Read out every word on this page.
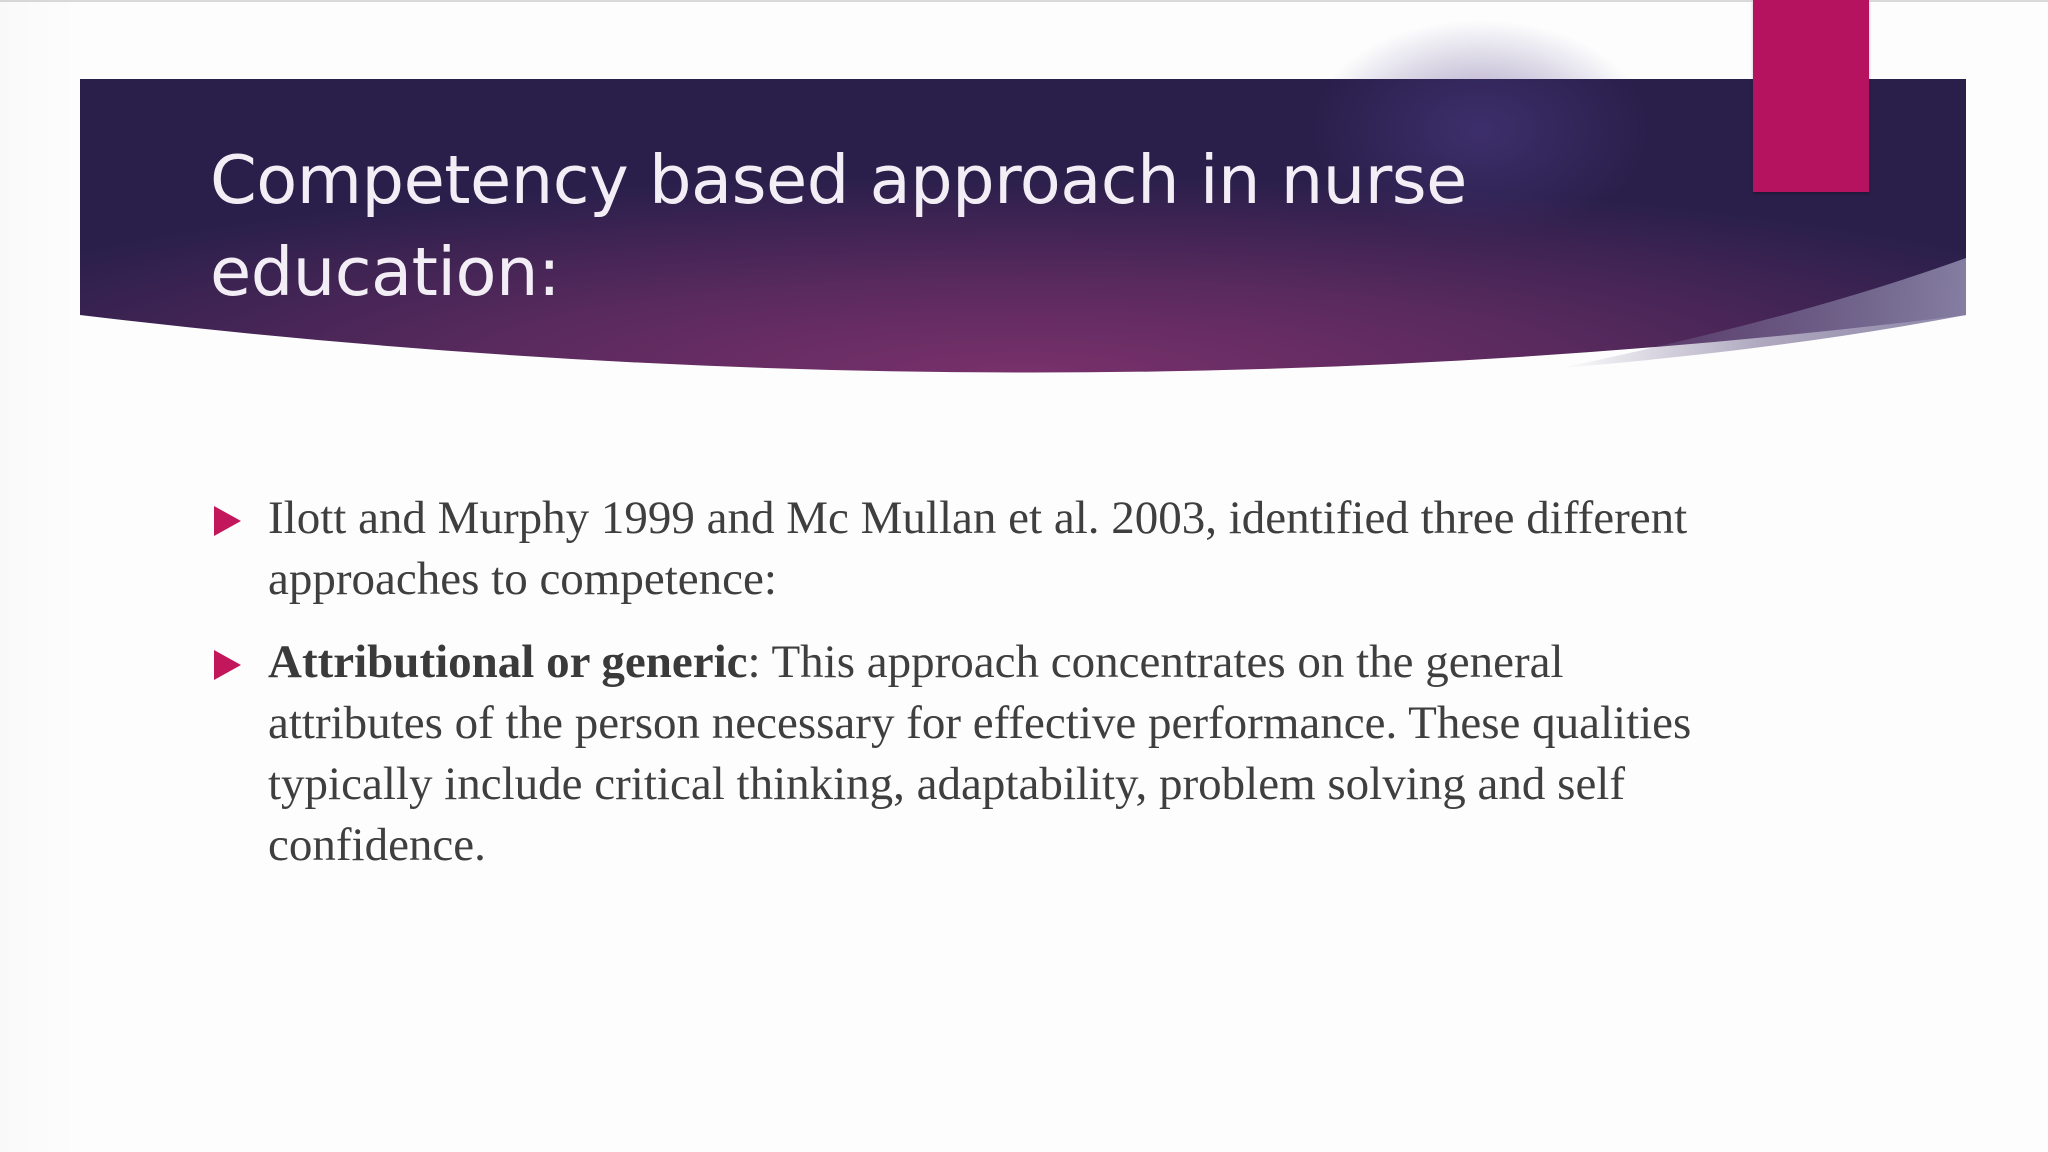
Competency based approach in nurse education:
Ilott and Murphy 1999 and Mc Mullan et al. 2003, identified three different approaches to competence:
Attributional or generic: This approach concentrates on the general attributes of the person necessary for effective performance. These qualities typically include critical thinking, adaptability, problem solving and self confidence.
